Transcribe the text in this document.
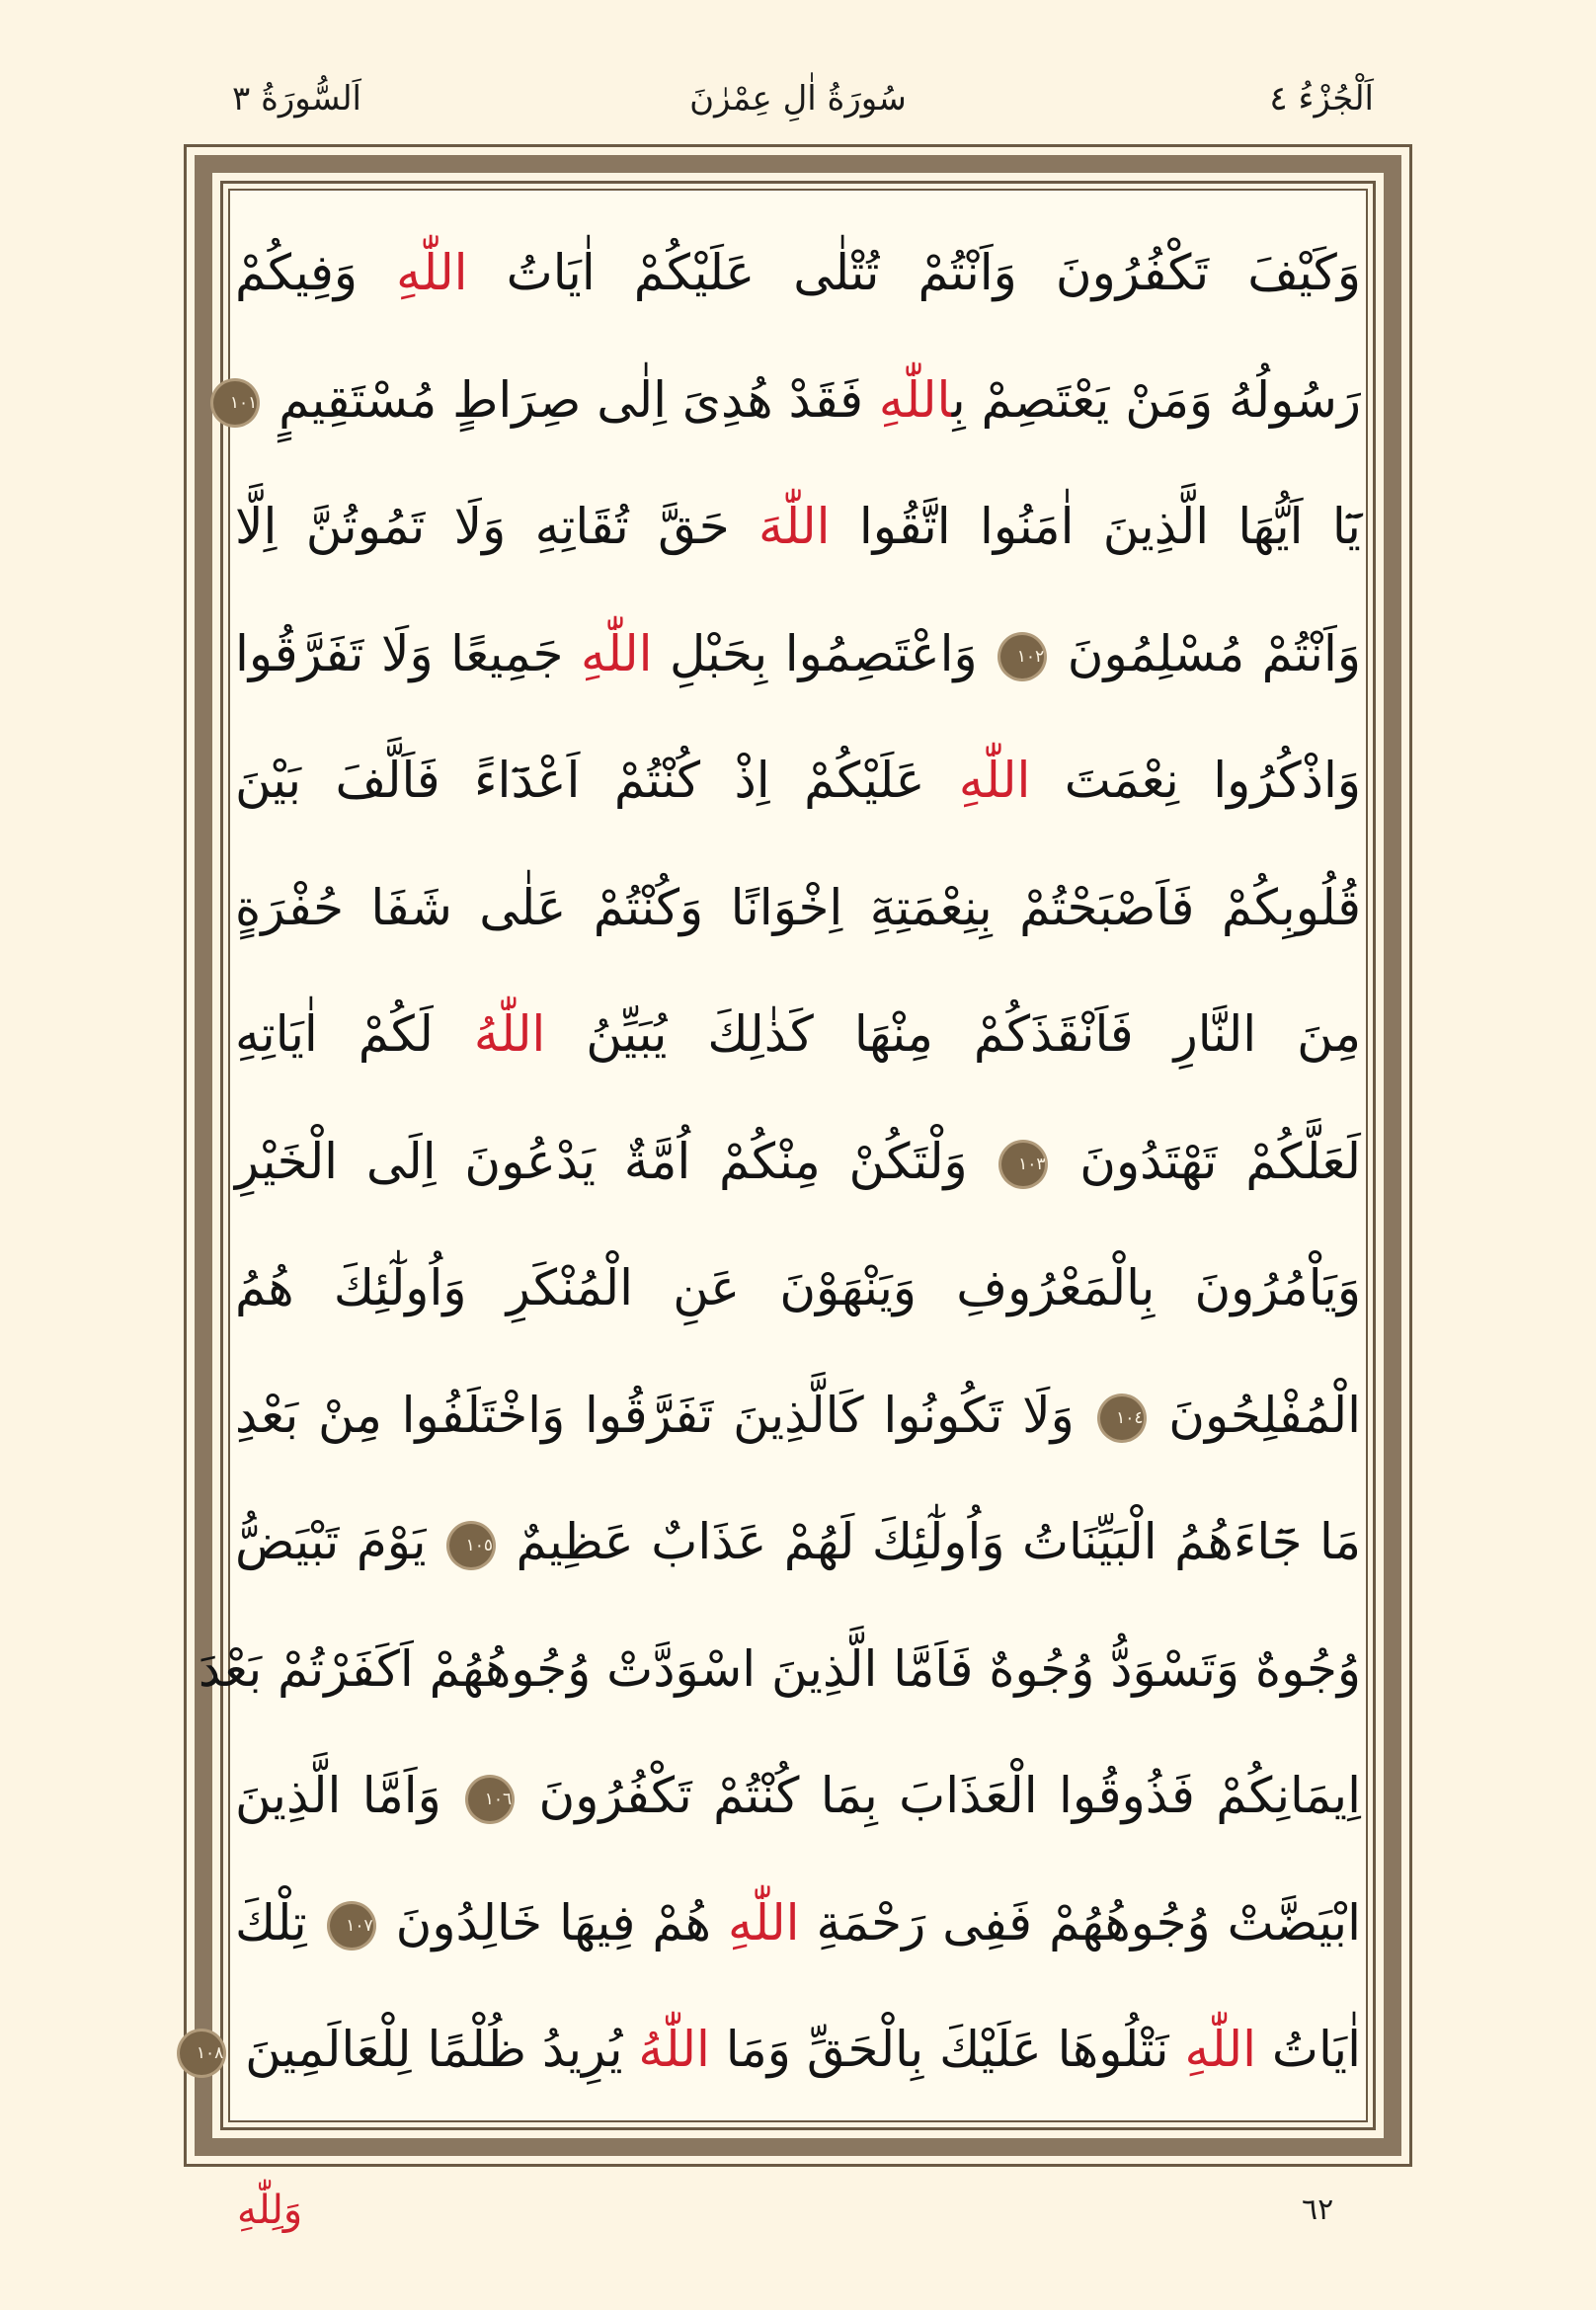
اَلْجُزْءُ ٤
سُورَةُ اٰلِ عِمْرٰنَ
اَلسُّورَةُ ٣
وَكَيْفَ تَكْفُرُونَ وَاَنْتُمْ تُتْلٰى عَلَيْكُمْ اٰيَاتُ اللّٰهِ وَفِيكُمْ
رَسُولُهُ وَمَنْ يَعْتَصِمْ بِاللّٰهِ فَقَدْ هُدِىَ اِلٰى صِرَاطٍ مُسْتَقِيمٍ ١٠١
يَٓا اَيُّهَا الَّذِينَ اٰمَنُوا اتَّقُوا اللّٰهَ حَقَّ تُقَاتِهِ وَلَا تَمُوتُنَّ اِلَّا
وَاَنْتُمْ مُسْلِمُونَ ١٠٢ وَاعْتَصِمُوا بِحَبْلِ اللّٰهِ جَمِيعًا وَلَا تَفَرَّقُوا
وَاذْكُرُوا نِعْمَتَ اللّٰهِ عَلَيْكُمْ اِذْ كُنْتُمْ اَعْدَٓاءً فَاَلَّفَ بَيْنَ
قُلُوبِكُمْ فَاَصْبَحْتُمْ بِنِعْمَتِهِٓ اِخْوَانًا وَكُنْتُمْ عَلٰى شَفَا حُفْرَةٍ
مِنَ النَّارِ فَاَنْقَذَكُمْ مِنْهَا كَذٰلِكَ يُبَيِّنُ اللّٰهُ لَكُمْ اٰيَاتِهِ
لَعَلَّكُمْ تَهْتَدُونَ ١٠٣ وَلْتَكُنْ مِنْكُمْ اُمَّةٌ يَدْعُونَ اِلَى الْخَيْرِ
وَيَاْمُرُونَ بِالْمَعْرُوفِ وَيَنْهَوْنَ عَنِ الْمُنْكَرِ وَاُولٰٓئِكَ هُمُ
الْمُفْلِحُونَ ١٠٤ وَلَا تَكُونُوا كَالَّذِينَ تَفَرَّقُوا وَاخْتَلَفُوا مِنْ بَعْدِ
مَا جَٓاءَهُمُ الْبَيِّنَاتُ وَاُولٰٓئِكَ لَهُمْ عَذَابٌ عَظِيمٌ ١٠٥ يَوْمَ تَبْيَضُّ
وُجُوهٌ وَتَسْوَدُّ وُجُوهٌ فَاَمَّا الَّذِينَ اسْوَدَّتْ وُجُوهُهُمْ اَكَفَرْتُمْ بَعْدَ
اِيمَانِكُمْ فَذُوقُوا الْعَذَابَ بِمَا كُنْتُمْ تَكْفُرُونَ ١٠٦ وَاَمَّا الَّذِينَ
ابْيَضَّتْ وُجُوهُهُمْ فَفِى رَحْمَةِ اللّٰهِ هُمْ فِيهَا خَالِدُونَ ١٠٧ تِلْكَ
اٰيَاتُ اللّٰهِ نَتْلُوهَا عَلَيْكَ بِالْحَقِّ وَمَا اللّٰهُ يُرِيدُ ظُلْمًا لِلْعَالَمِينَ ١٠٨
٦٢
وَلِلّٰهِ
